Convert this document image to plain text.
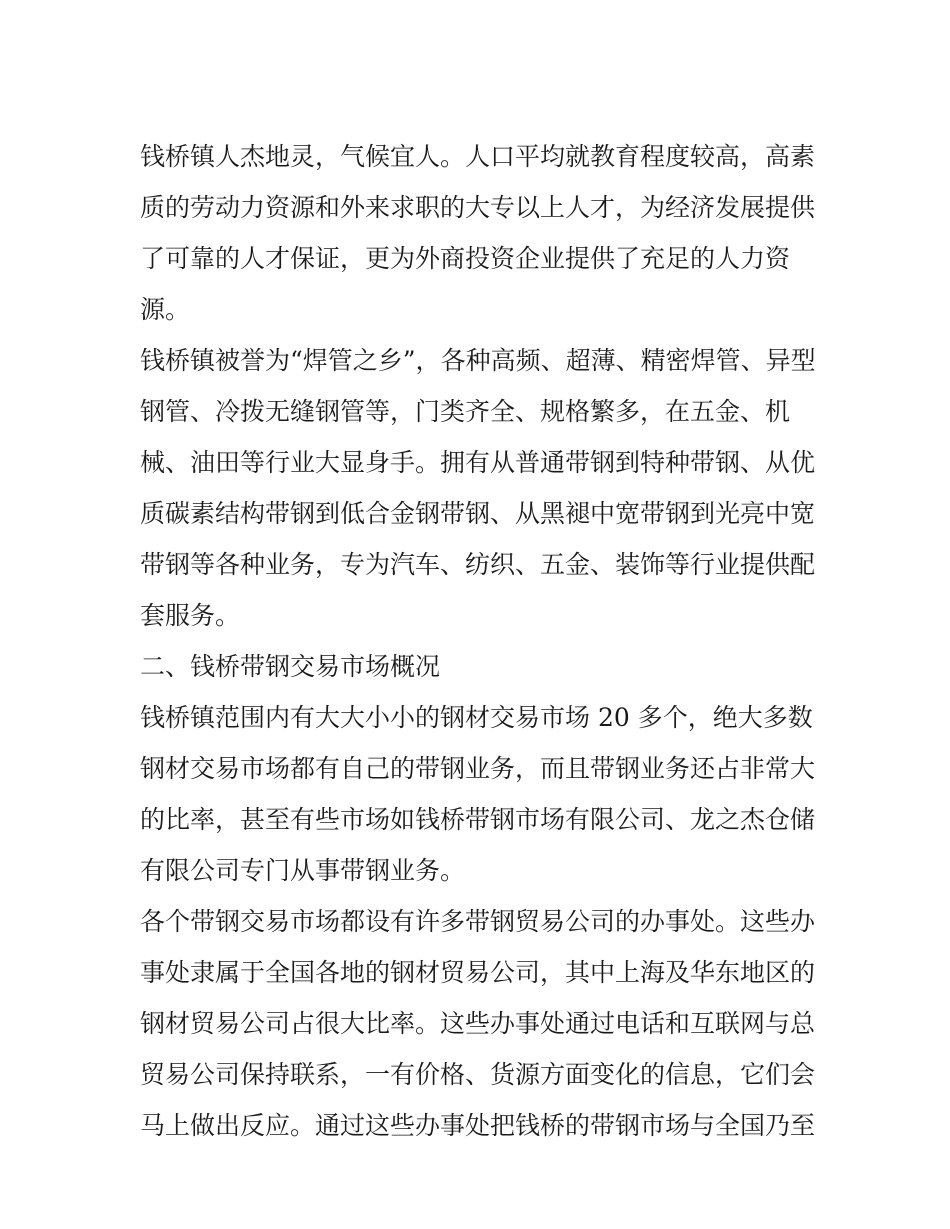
钱桥镇人杰地灵，气候宜人。人口平均就教育程度较高，高素
质的劳动力资源和外来求职的大专以上人才，为经济发展提供
了可靠的人才保证，更为外商投资企业提供了充足的人力资
源。
钱桥镇被誉为“焊管之乡”，各种高频、超薄、精密焊管、异型
钢管、冷拨无缝钢管等，门类齐全、规格繁多，在五金、机
械、油田等行业大显身手。拥有从普通带钢到特种带钢、从优
质碳素结构带钢到低合金钢带钢、从黑褪中宽带钢到光亮中宽
带钢等各种业务，专为汽车、纺织、五金、装饰等行业提供配
套服务。
二、钱桥带钢交易市场概况
钱桥镇范围内有大大小小的钢材交易市场 20 多个，绝大多数
钢材交易市场都有自己的带钢业务，而且带钢业务还占非常大
的比率，甚至有些市场如钱桥带钢市场有限公司、龙之杰仓储
有限公司专门从事带钢业务。
各个带钢交易市场都设有许多带钢贸易公司的办事处。这些办
事处隶属于全国各地的钢材贸易公司，其中上海及华东地区的
钢材贸易公司占很大比率。这些办事处通过电话和互联网与总
贸易公司保持联系，一有价格、货源方面变化的信息，它们会
马上做出反应。通过这些办事处把钱桥的带钢市场与全国乃至
